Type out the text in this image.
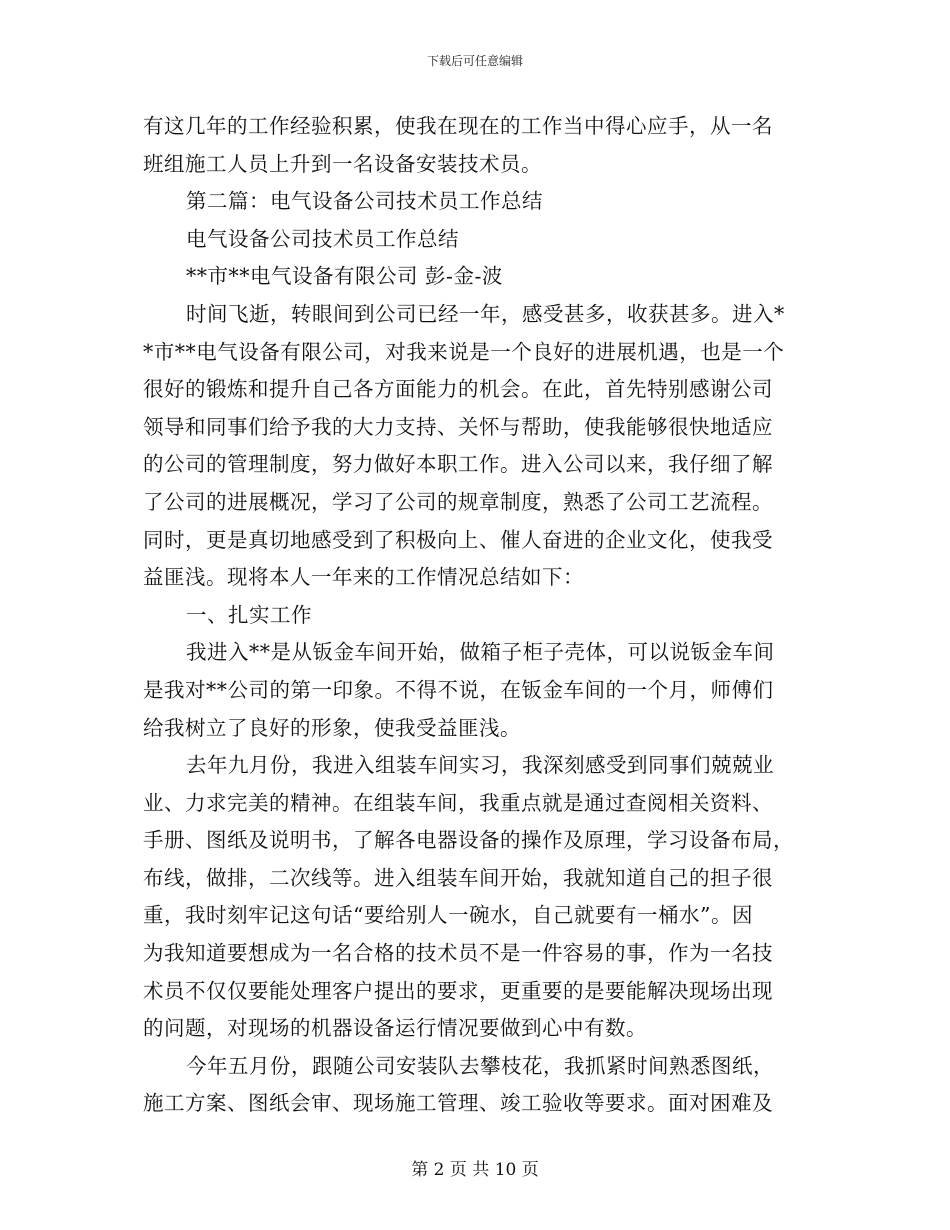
下载后可任意编辑
有这几年的工作经验积累，使我在现在的工作当中得心应手，从一名
班组施工人员上升到一名设备安装技术员。
第二篇：电气设备公司技术员工作总结
电气设备公司技术员工作总结
**市**电气设备有限公司 彭-金-波
时间飞逝，转眼间到公司已经一年，感受甚多，收获甚多。进入*
*市**电气设备有限公司，对我来说是一个良好的进展机遇，也是一个
很好的锻炼和提升自己各方面能力的机会。在此，首先特别感谢公司
领导和同事们给予我的大力支持、关怀与帮助，使我能够很快地适应
的公司的管理制度，努力做好本职工作。进入公司以来，我仔细了解
了公司的进展概况，学习了公司的规章制度，熟悉了公司工艺流程。
同时，更是真切地感受到了积极向上、催人奋进的企业文化，使我受
益匪浅。现将本人一年来的工作情况总结如下：
一、扎实工作
我进入**是从钣金车间开始，做箱子柜子壳体，可以说钣金车间
是我对**公司的第一印象。不得不说，在钣金车间的一个月，师傅们
给我树立了良好的形象，使我受益匪浅。
去年九月份，我进入组装车间实习，我深刻感受到同事们兢兢业
业、力求完美的精神。在组装车间，我重点就是通过查阅相关资料、
手册、图纸及说明书，了解各电器设备的操作及原理，学习设备布局，
布线，做排，二次线等。进入组装车间开始，我就知道自己的担子很
重，我时刻牢记这句话“要给别人一碗水，自己就要有一桶水”。因
为我知道要想成为一名合格的技术员不是一件容易的事，作为一名技
术员不仅仅要能处理客户提出的要求，更重要的是要能解决现场出现
的问题，对现场的机器设备运行情况要做到心中有数。
今年五月份，跟随公司安装队去攀枝花，我抓紧时间熟悉图纸，
施工方案、图纸会审、现场施工管理、竣工验收等要求。面对困难及
第 2 页 共 10 页
